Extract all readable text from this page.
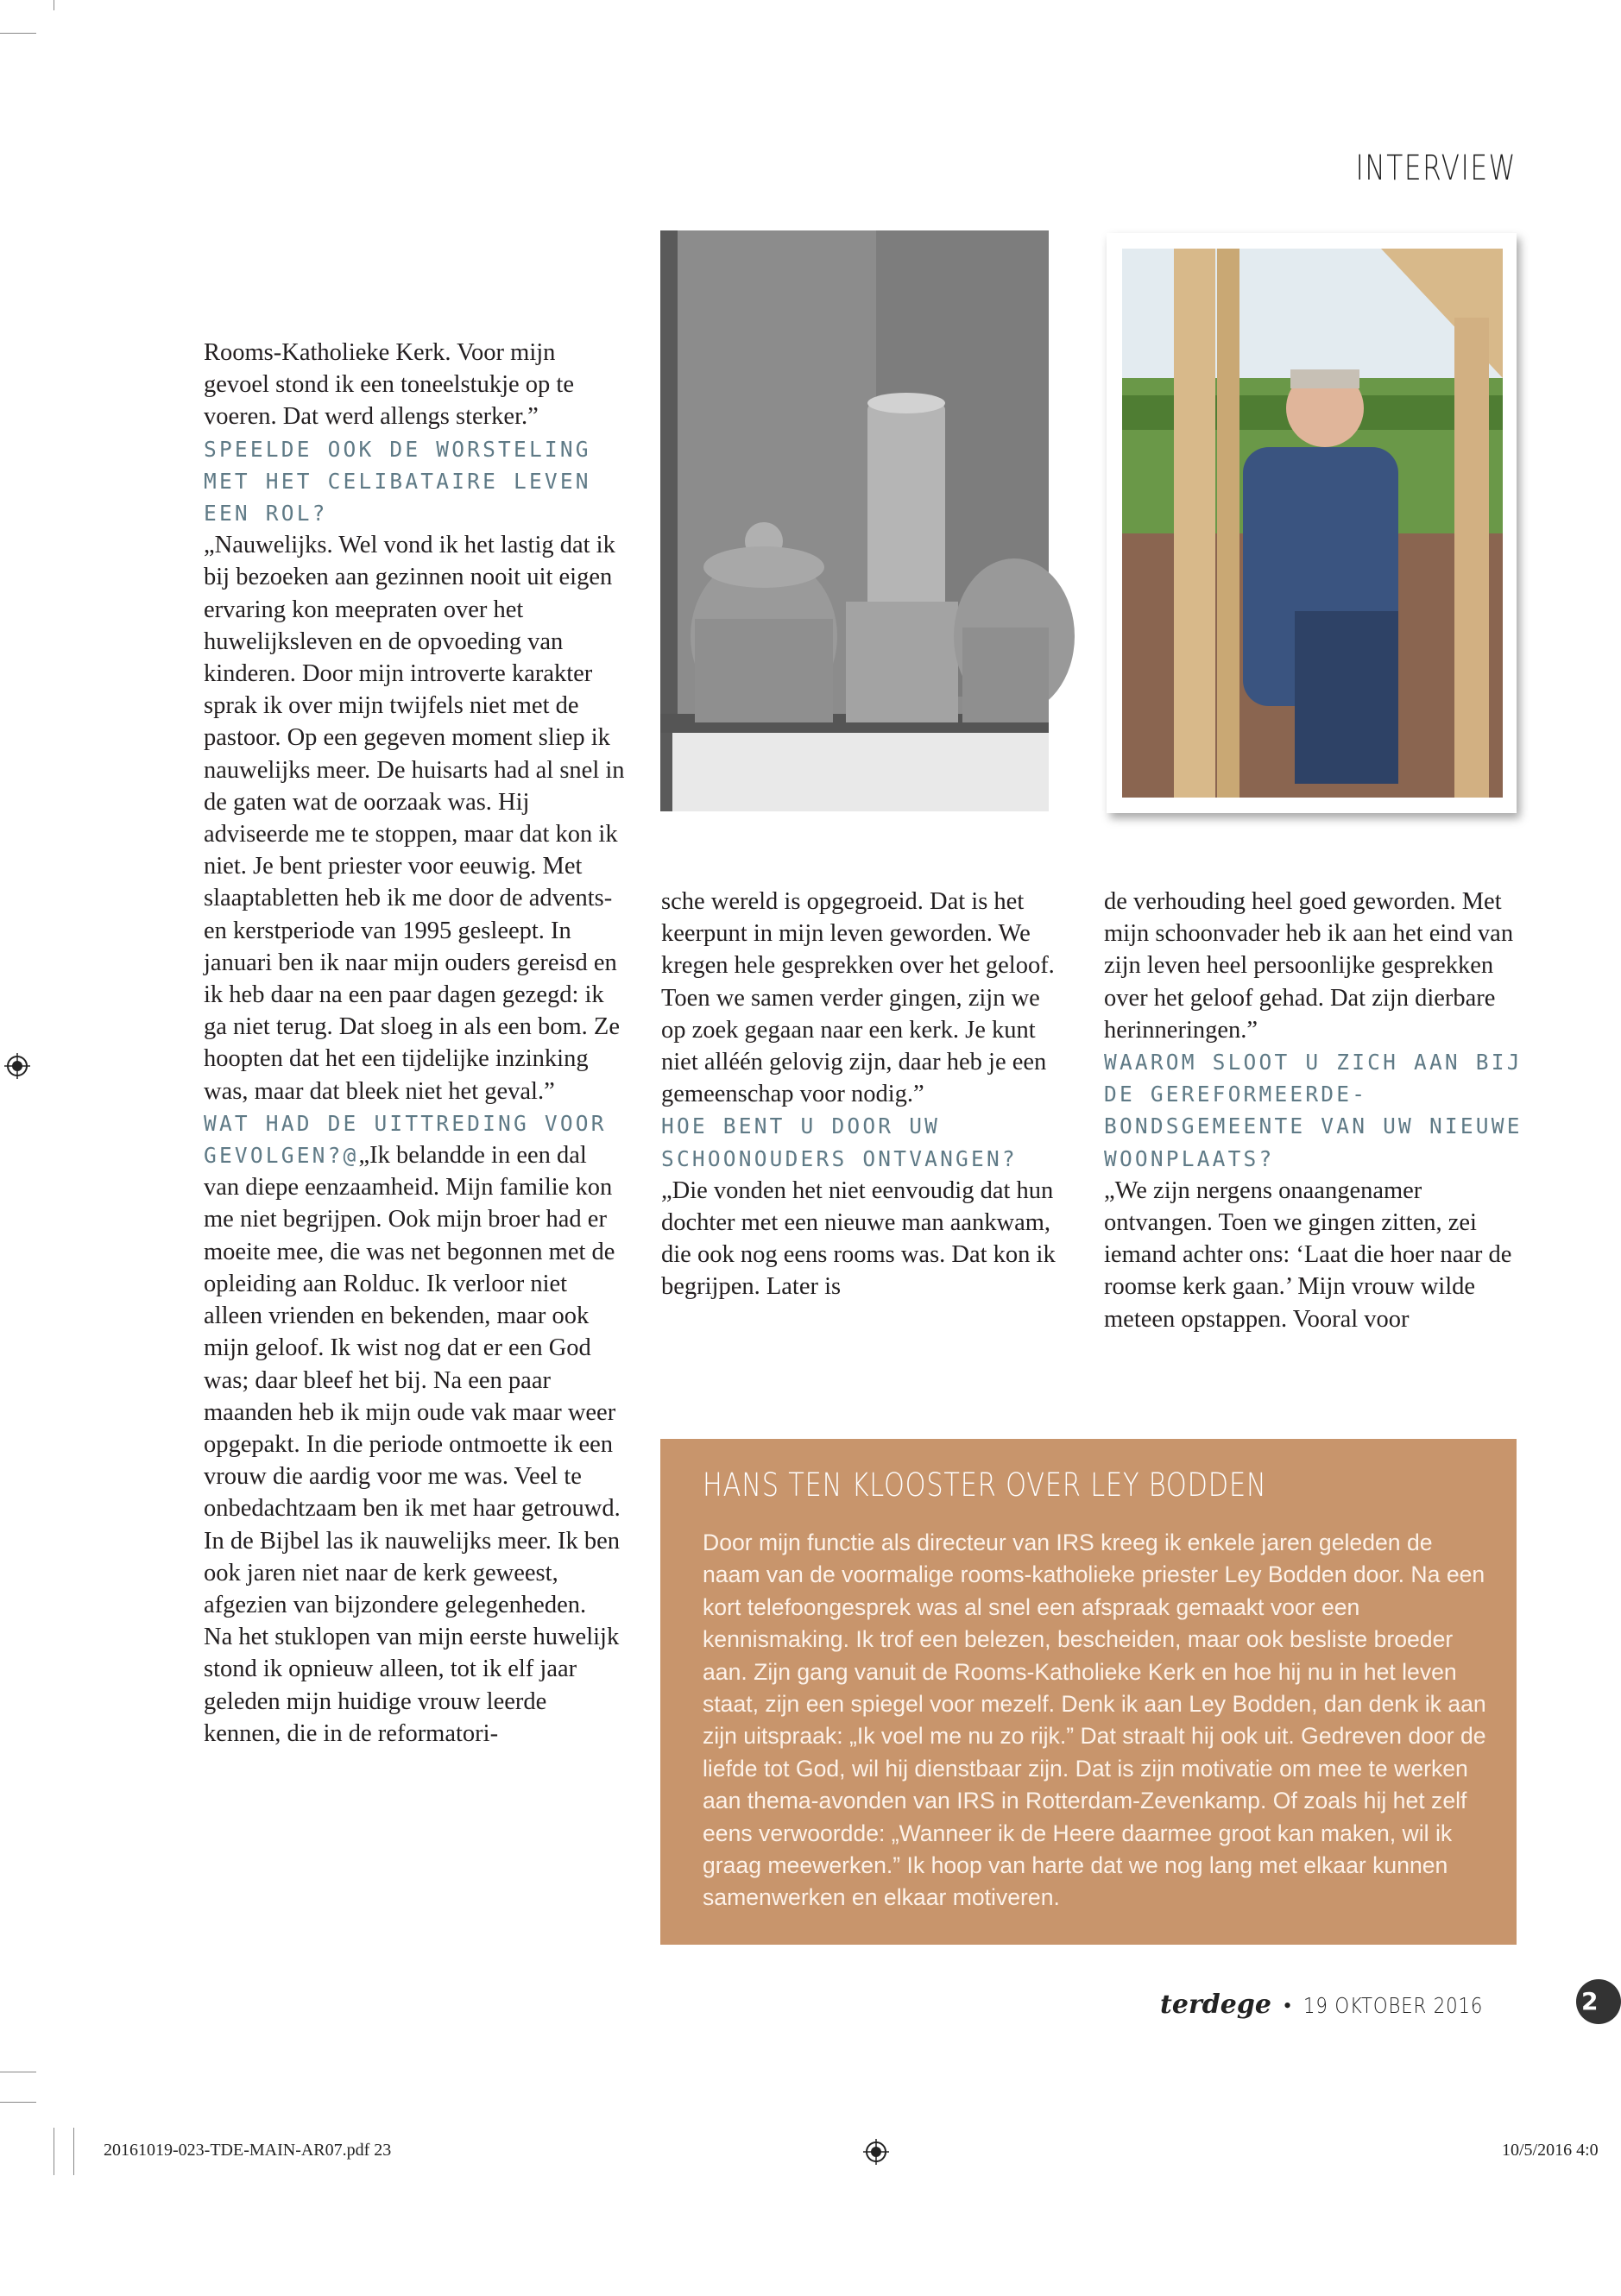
INTERVIEW

Rooms-Katholieke Kerk. Voor mijn gevoel stond ik een toneelstukje op te voeren. Dat werd allengs sterker.”

SPEELDE OOK DE WORSTELING MET HET CELIBATAIRE LEVEN EEN ROL?

„Nauwelijks. Wel vond ik het lastig dat ik bij bezoeken aan gezinnen nooit uit eigen ervaring kon meepraten over het huwelijksleven en de opvoeding van kinderen. Door mijn introverte karakter sprak ik over mijn twijfels niet met de pastoor. Op een gegeven moment sliep ik nauwelijks meer. De huisarts had al snel in de gaten wat de oorzaak was. Hij adviseerde me te stoppen, maar dat kon ik niet. Je bent priester voor eeuwig. Met slaaptabletten heb ik me door de advents- en kerstperiode van 1995 gesleept. In januari ben ik naar mijn ouders gereisd en ik heb daar na een paar dagen gezegd: ik ga niet terug. Dat sloeg in als een bom. Ze hoopten dat het een tijdelijke inzinking was, maar dat bleek niet het geval.”

WAT HAD DE UITTREDING VOOR GEVOLGEN?@„Ik belandde in een dal van diepe eenzaamheid. Mijn familie kon me niet begrijpen. Ook mijn broer had er moeite mee, die was net begonnen met de opleiding aan Rolduc. Ik verloor niet alleen vrienden en bekenden, maar ook mijn geloof. Ik wist nog dat er een God was; daar bleef het bij. Na een paar maanden heb ik mijn oude vak maar weer opgepakt. In die periode ontmoette ik een vrouw die aardig voor me was. Veel te onbedachtzaam ben ik met haar getrouwd. In de Bijbel las ik nauwelijks meer. Ik ben ook jaren niet naar de kerk geweest, afgezien van bijzondere gelegenheden.

Na het stuklopen van mijn eerste huwelijk stond ik opnieuw alleen, tot ik elf jaar geleden mijn huidige vrouw leerde kennen, die in de reformatori-

sche wereld is opgegroeid. Dat is het keerpunt in mijn leven geworden. We kregen hele gesprekken over het geloof. Toen we samen verder gingen, zijn we op zoek gegaan naar een kerk. Je kunt niet alléén gelovig zijn, daar heb je een gemeenschap voor nodig.”

HOE BENT U DOOR UW SCHOONOUDERS ONTVANGEN?

„Die vonden het niet eenvoudig dat hun dochter met een nieuwe man aankwam, die ook nog eens rooms was. Dat kon ik begrijpen. Later is

de verhouding heel goed geworden. Met mijn schoonvader heb ik aan het eind van zijn leven heel persoonlijke gesprekken over het geloof gehad. Dat zijn dierbare herinneringen.”

WAAROM SLOOT U ZICH AAN BIJ DE GEREFORMEERDE-BONDSGEMEENTE VAN UW NIEUWE WOONPLAATS?

„We zijn nergens onaangenamer ontvangen. Toen we gingen zitten, zei iemand achter ons: ‘Laat die hoer naar de roomse kerk gaan.’ Mijn vrouw wilde meteen opstappen. Vooral voor

HANS TEN KLOOSTER OVER LEY BODDEN
Door mijn functie als directeur van IRS kreeg ik enkele jaren geleden de naam van de voormalige rooms-katholieke priester Ley Bodden door. Na een kort telefoongesprek was al snel een afspraak gemaakt voor een kennismaking. Ik trof een belezen, bescheiden, maar ook besliste broeder aan. Zijn gang vanuit de Rooms-Katholieke Kerk en hoe hij nu in het leven staat, zijn een spiegel voor mezelf. Denk ik aan Ley Bodden, dan denk ik aan zijn uitspraak: „Ik voel me nu zo rijk.” Dat straalt hij ook uit. Gedreven door de liefde tot God, wil hij dienstbaar zijn. Dat is zijn motivatie om mee te werken aan thema-avonden van IRS in Rotterdam-Zevenkamp. Of zoals hij het zelf eens verwoordde: „Wanneer ik de Heere daarmee groot kan maken, wil ik graag meewerken.” Ik hoop van harte dat we nog lang met elkaar kunnen samenwerken en elkaar motiveren.
terdege • 19 OKTOBER 2016	2
20161019-023-TDE-MAIN-AR07.pdf 23	10/5/2016 4:0
